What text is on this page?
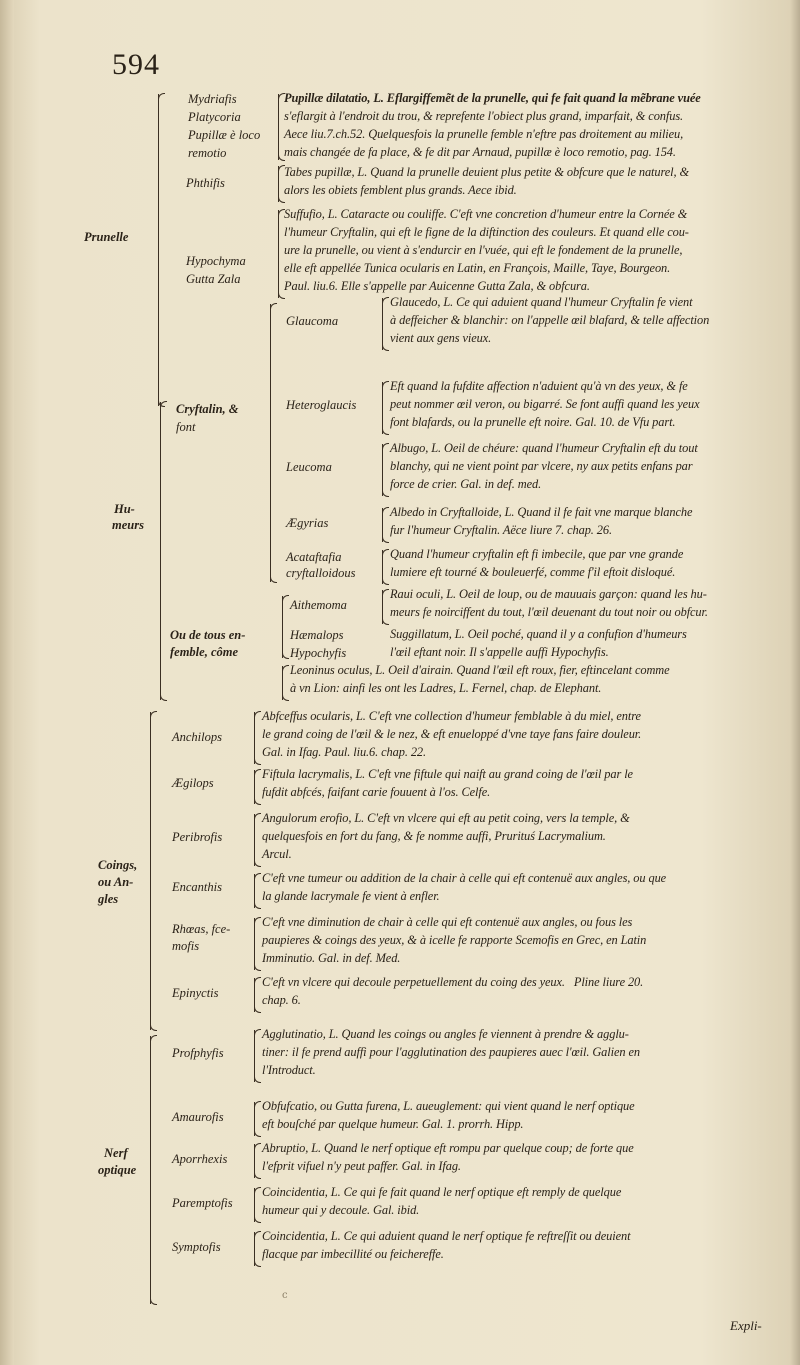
594
Prunelle
Mydriafis
Platycoria
Pupillæ è loco
remotio
Pupillæ dilatatio, L. Eflargiffemẽt de la prunelle, qui fe fait quand la mẽbrane vuée
s'eflargit à l'endroit du trou, & reprefente l'obiect plus grand, imparfait, & confus.
Aece liu.7.ch.52. Quelquesfois la prunelle femble n'eftre pas droitement au milieu,
mais changée de fa place, & fe dit par Arnaud, pupillæ è loco remotio, pag. 154.
Phthifis
Tabes pupillæ, L. Quand la prunelle deuient plus petite & obfcure que le naturel, &
alors les obiets femblent plus grands. Aece ibid.
Hypochyma
Gutta Zala
Suffufio, L. Cataracte ou couliffe. C'eft vne concretion d'humeur entre la Cornée &
l'humeur Cryftalin, qui eft le figne de la diftinction des couleurs. Et quand elle cou-
ure la prunelle, ou vient à s'endurcir en l'vuée, qui eft le fondement de la prunelle,
elle eft appellée Tunica ocularis en Latin, en François, Maille, Taye, Bourgeon.
Paul. liu.6. Elle s'appelle par Auicenne Gutta Zala, & obfcura.
Hu-
meurs
Cryftalin, &
font
Glaucoma
Glaucedo, L. Ce qui aduient quand l'humeur Cryftalin fe vient
à deffeicher & blanchir: on l'appelle œil blafard, & telle affection
vient aux gens vieux.
Heteroglaucis
Eft quand la fufdite affection n'aduient qu'à vn des yeux, & fe
peut nommer œil veron, ou bigarré. Se font auffi quand les yeux
font blafards, ou la prunelle eft noire. Gal. 10. de Vfu part.
Leucoma
Albugo, L. Oeil de chéure: quand l'humeur Cryftalin eft du tout
blanchy, qui ne vient point par vlcere, ny aux petits enfans par
force de crier. Gal. in def. med.
Ægyrias
Albedo in Cryftalloide, L. Quand il fe fait vne marque blanche
fur l'humeur Cryftalin. Aëce liure 7. chap. 26.
Acataftafia
cryftalloidous
Quand l'humeur cryftalin eft fi imbecile, que par vne grande
lumiere eft tourné & bouleuerfé, comme f'il eftoit disloqué.
Ou de tous en-
femble, côme
Aithemoma
Raui oculi, L. Oeil de loup, ou de mauuais garçon: quand les hu-
meurs fe noirciffent du tout, l'œil deuenant du tout noir ou obfcur.
Hæmalops	Suggillatum, L. Oeil poché, quand il y a confufion d'humeurs
Hypochyfis	l'œil eftant noir. Il s'appelle auffi Hypochyfis.
Leoninus oculus, L. Oeil d'airain. Quand l'œil eft roux, fier, eftincelant comme
à vn Lion: ainfi les ont les Ladres, L. Fernel, chap. de Elephant.
Coings,
ou An-
gles
Anchilops
Abfceffus ocularis, L. C'eft vne collection d'humeur femblable à du miel, entre
le grand coing de l'œil & le nez, & eft enueloppé d'vne taye fans faire douleur.
Gal. in Ifag. Paul. liu.6. chap. 22.
Ægilops
Fiftula lacrymalis, L. C'eft vne fiftule qui naift au grand coing de l'œil par le
fufdit abfcés, faifant carie fouuent à l'os. Celfe.
Peribrofis
Angulorum erofio, L. C'eft vn vlcere qui eft au petit coing, vers la temple, &
quelquesfois en fort du fang, & fe nomme auffi, Prurituś Lacrymalium.
Arcul.
Encanthis
C'eft vne tumeur ou addition de la chair à celle qui eft contenuë aux angles, ou que
la glande lacrymale fe vient à enfler.
Rhœas, fce-
mofis
C'eft vne diminution de chair à celle qui eft contenuë aux angles, ou fous les
paupieres & coings des yeux, & à icelle fe rapporte Scemofis en Grec, en Latin
Imminutio. Gal. in def. Med.
Epinyctis
C'eft vn vlcere qui decoule perpetuellement du coing des yeux.   Pline liure 20.
chap. 6.
Nerf
optique
Profphyfis
Agglutinatio, L. Quand les coings ou angles fe viennent à prendre & agglu-
tiner: il fe prend auffi pour l'agglutination des paupieres auec l'œil. Galien en
l'Introduct.
Amaurofis
Obfufcatio, ou Gutta furena, L. aueuglement: qui vient quand le nerf optique
eft bouſché par quelque humeur. Gal. 1. prorrh. Hipp.
Aporrhexis
Abruptio, L. Quand le nerf optique eft rompu par quelque coup; de forte que
l'efprit vifuel n'y peut paffer. Gal. in Ifag.
Paremptofis
Coincidentia, L. Ce qui fe fait quand le nerf optique eft remply de quelque
humeur qui y decoule. Gal. ibid.
Symptofis
Coincidentia, L. Ce qui aduient quand le nerf optique fe reftreſſit ou deuient
flacque par imbecillité ou feichereffe.
c
Expli-
